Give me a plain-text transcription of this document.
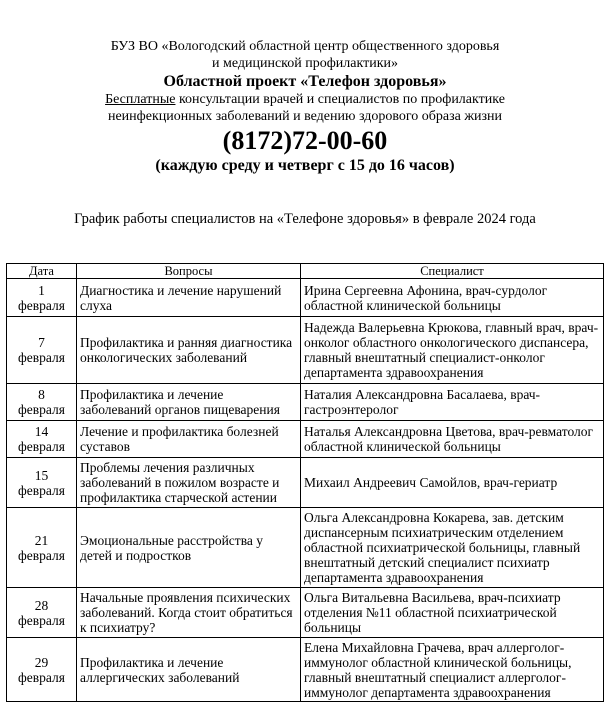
БУЗ ВО «Вологодский областной центр общественного здоровья
и медицинской профилактики»
Областной проект «Телефон здоровья»
Бесплатные консультации врачей и специалистов по профилактике
неинфекционных заболеваний и ведению здорового образа жизни
(8172)72-00-60
(каждую среду и четверг с 15 до 16 часов)
График работы специалистов на «Телефоне здоровья» в феврале 2024 года
Дата	Вопросы	Специалист

1
февраля	Диагностика и лечение нарушений слуха	Ирина Сергеевна Афонина, врач-сурдолог областной клинической больницы

7
февраля	Профилактика и ранняя диагностика онкологических заболеваний	Надежда Валерьевна Крюкова, главный врач, врач-онколог областного онкологического диспансера, главный внештатный специалист-онколог департамента здравоохранения

8
февраля	Профилактика и лечение заболеваний органов пищеварения	Наталия Александровна Басалаева, врач-гастроэнтеролог

14
февраля	Лечение и профилактика болезней суставов	Наталья Александровна Цветова, врач-ревматолог областной клинической больницы

15
февраля	Проблемы лечения различных заболеваний в пожилом возрасте и профилактика старческой астении	Михаил Андреевич Самойлов, врач-гериатр

21
февраля	Эмоциональные расстройства у детей и подростков	Ольга Александровна Кокарева, зав. детским диспансерным психиатрическим отделением областной психиатрической больницы, главный внештатный детский специалист психиатр департамента здравоохранения

28
февраля	Начальные проявления психических заболеваний. Когда стоит обратиться к психиатру?	Ольга Витальевна Васильева, врач-психиатр отделения №11 областной психиатрической больницы

29
февраля	Профилактика и лечение аллергических заболеваний	Елена Михайловна Грачева, врач аллерголог-иммунолог областной клинической больницы, главный внештатный специалист аллерголог-иммунолог департамента здравоохранения
